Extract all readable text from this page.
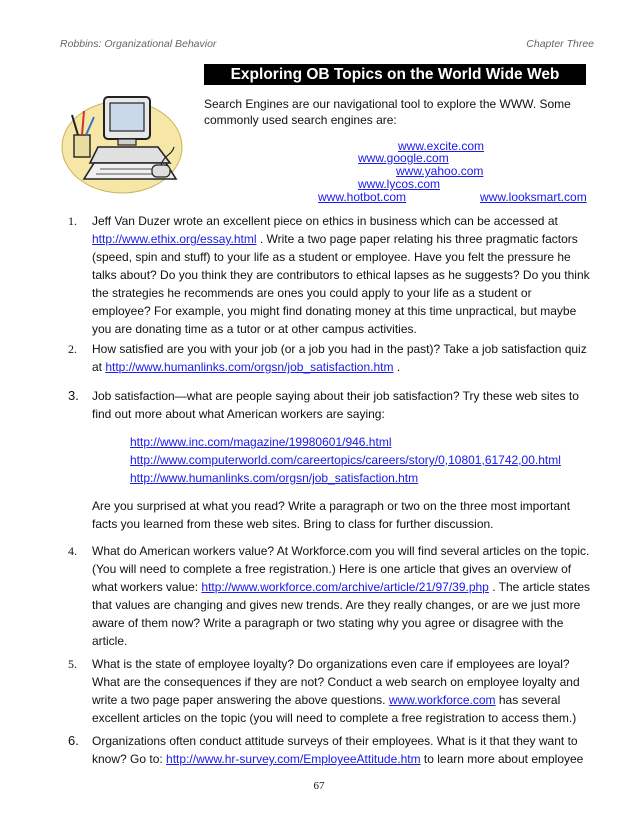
Robbins: Organizational Behavior	Chapter Three
Exploring OB Topics on the World Wide Web
Search Engines are our navigational tool to explore the WWW. Some commonly used search engines are:
www.excite.com
www.google.com
www.yahoo.com
www.lycos.com
www.hotbot.com	www.looksmart.com
1. Jeff Van Duzer wrote an excellent piece on ethics in business which can be accessed at http://www.ethix.org/essay.html . Write a two page paper relating his three pragmatic factors (speed, spin and stuff) to your life as a student or employee. Have you felt the pressure he talks about? Do you think they are contributors to ethical lapses as he suggests? Do you think the strategies he recommends are ones you could apply to your life as a student or employee? For example, you might find donating money at this time unpractical, but maybe you are donating time as a tutor or at other campus activities.
2. How satisfied are you with your job (or a job you had in the past)? Take a job satisfaction quiz at http://www.humanlinks.com/orgsn/job_satisfaction.htm .
3. Job satisfaction—what are people saying about their job satisfaction? Try these web sites to find out more about what American workers are saying:
http://www.inc.com/magazine/19980601/946.html
http://www.computerworld.com/careertopics/careers/story/0,10801,61742,00.html
http://www.humanlinks.com/orgsn/job_satisfaction.htm
Are you surprised at what you read? Write a paragraph or two on the three most important facts you learned from these web sites. Bring to class for further discussion.
4. What do American workers value? At Workforce.com you will find several articles on the topic. (You will need to complete a free registration.) Here is one article that gives an overview of what workers value: http://www.workforce.com/archive/article/21/97/39.php . The article states that values are changing and gives new trends. Are they really changes, or are we just more aware of them now? Write a paragraph or two stating why you agree or disagree with the article.
5. What is the state of employee loyalty? Do organizations even care if employees are loyal? What are the consequences if they are not? Conduct a web search on employee loyalty and write a two page paper answering the above questions. www.workforce.com has several excellent articles on the topic (you will need to complete a free registration to access them.)
6. Organizations often conduct attitude surveys of their employees. What is it that they want to know? Go to: http://www.hr-survey.com/EmployeeAttitude.htm to learn more about employee
67
